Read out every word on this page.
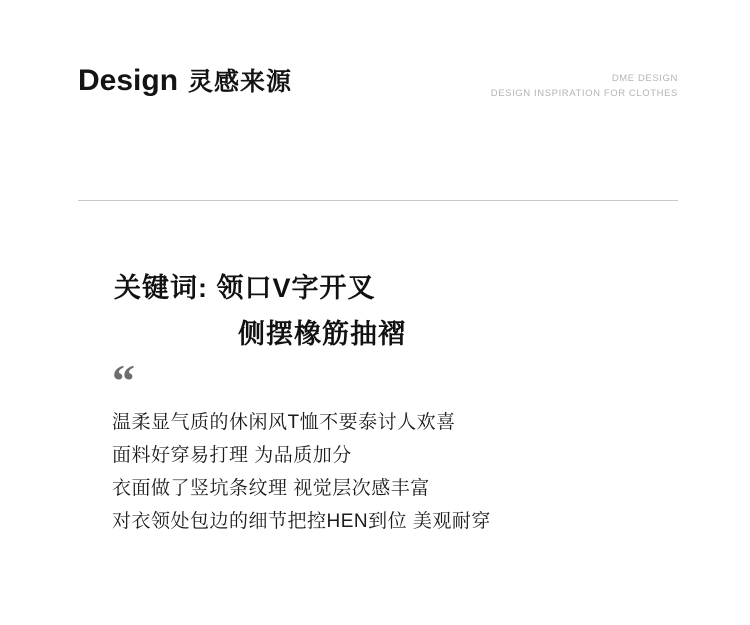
Design 灵感来源	DME DESIGN
DESIGN INSPIRATION FOR CLOTHES
关键词: 领口V字开叉
侧摆橡筋抽褶
“

温柔显气质的休闲风T恤不要泰讨人欢喜

面料好穿易打理 为品质加分

衣面做了竖坑条纹理 视觉层次感丰富

对衣领处包边的细节把控HEN到位 美观耐穿
